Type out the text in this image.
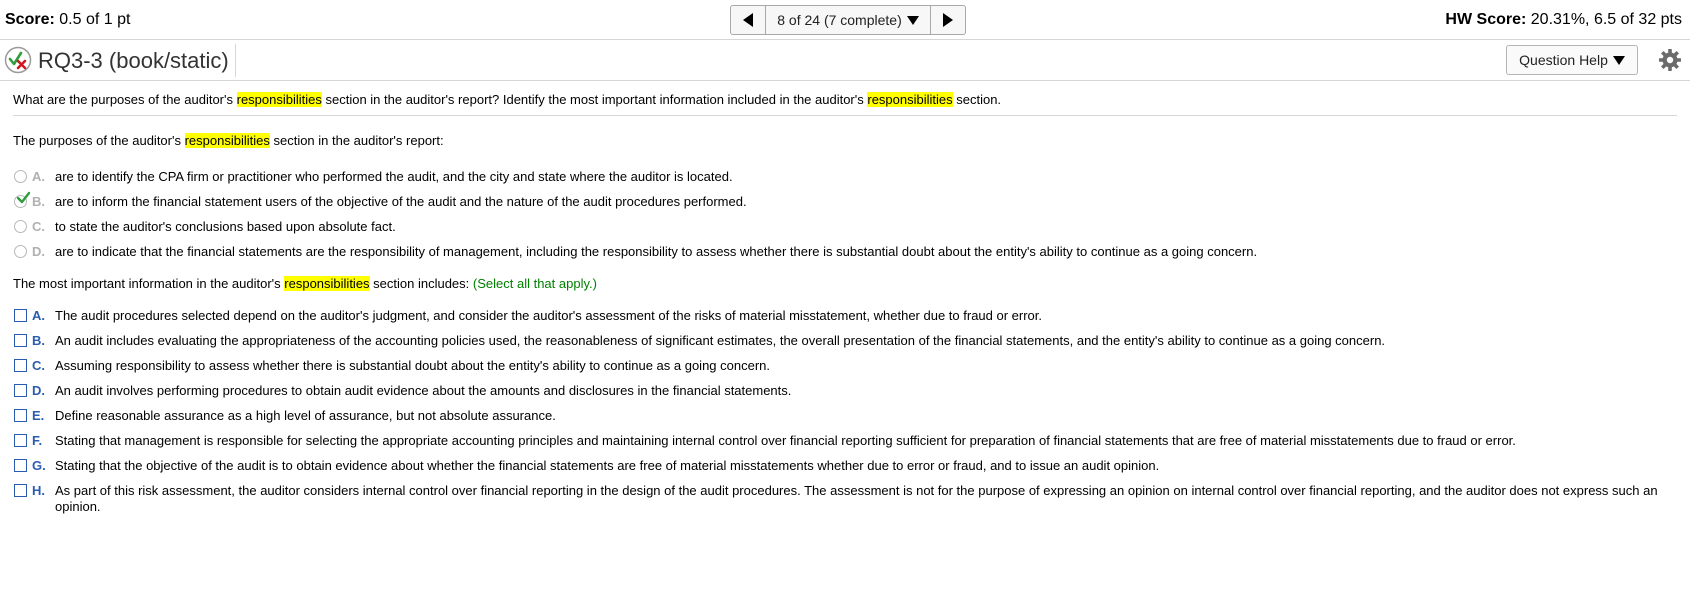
Score: 0.5 of 1 pt	8 of 24 (7 complete)	HW Score: 20.31%, 6.5 of 32 pts
RQ3-3 (book/static)	Question Help
What are the purposes of the auditor's responsibilities section in the auditor's report? Identify the most important information included in the auditor's responsibilities section.
The purposes of the auditor's responsibilities section in the auditor's report:
A. are to identify the CPA firm or practitioner who performed the audit, and the city and state where the auditor is located.
B. are to inform the financial statement users of the objective of the audit and the nature of the audit procedures performed.
C. to state the auditor's conclusions based upon absolute fact.
D. are to indicate that the financial statements are the responsibility of management, including the responsibility to assess whether there is substantial doubt about the entity's ability to continue as a going concern.
The most important information in the auditor's responsibilities section includes: (Select all that apply.)
A. The audit procedures selected depend on the auditor's judgment, and consider the auditor's assessment of the risks of material misstatement, whether due to fraud or error.
B. An audit includes evaluating the appropriateness of the accounting policies used, the reasonableness of significant estimates, the overall presentation of the financial statements, and the entity's ability to continue as a going concern.
C. Assuming responsibility to assess whether there is substantial doubt about the entity's ability to continue as a going concern.
D. An audit involves performing procedures to obtain audit evidence about the amounts and disclosures in the financial statements.
E. Define reasonable assurance as a high level of assurance, but not absolute assurance.
F. Stating that management is responsible for selecting the appropriate accounting principles and maintaining internal control over financial reporting sufficient for preparation of financial statements that are free of material misstatements due to fraud or error.
G. Stating that the objective of the audit is to obtain evidence about whether the financial statements are free of material misstatements whether due to error or fraud, and to issue an audit opinion.
H. As part of this risk assessment, the auditor considers internal control over financial reporting in the design of the audit procedures. The assessment is not for the purpose of expressing an opinion on internal control over financial reporting, and the auditor does not express such an opinion.
